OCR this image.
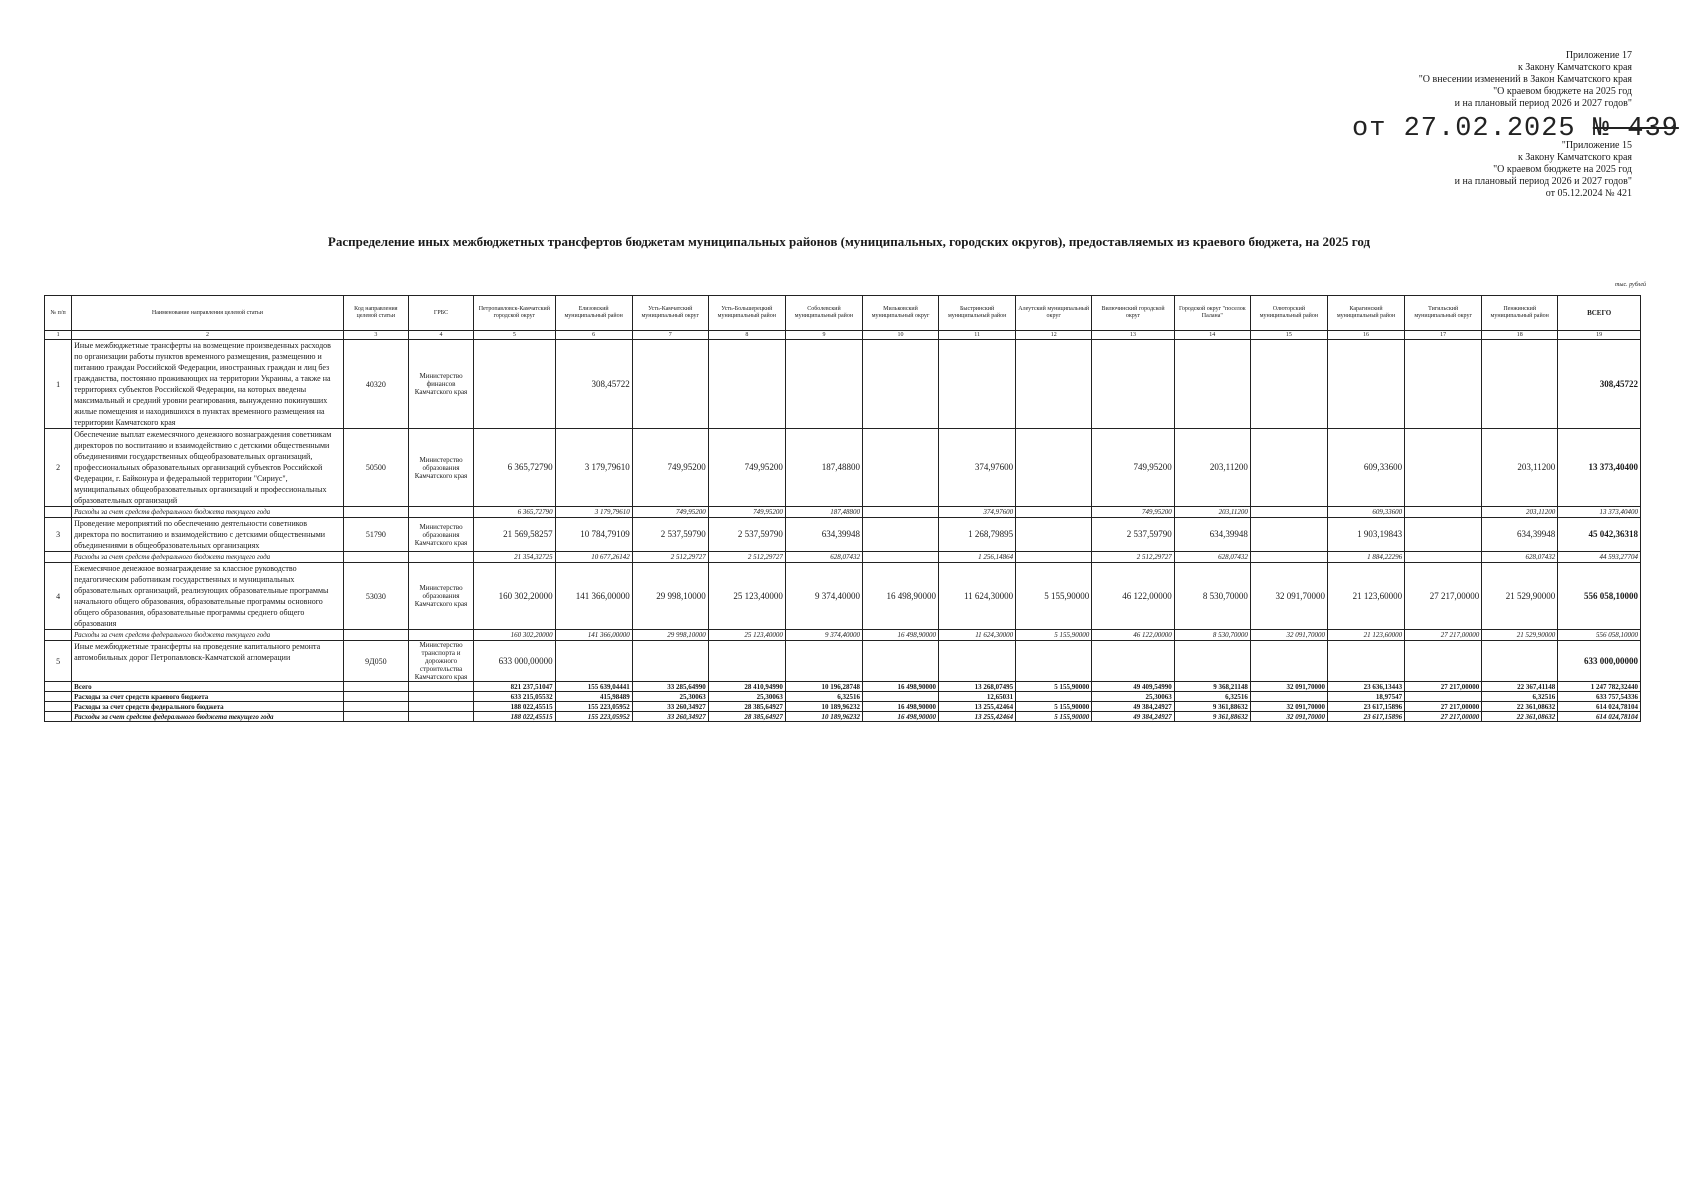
Приложение 17
к Закону Камчатского края
"О внесении изменений в Закон Камчатского края
"О краевом бюджете на 2025 год
и на плановый период 2026 и 2027 годов"
от 27.02.2025 № 439
"Приложение 15
к Закону Камчатского края
"О краевом бюджете на 2025 год
и на плановый период 2026 и 2027 годов"
от 05.12.2024 № 421
Распределение иных межбюджетных трансфертов бюджетам муниципальных районов (муниципальных, городских округов), предоставляемых из краевого бюджета, на 2025 год
тыс. рублей
№ п/п	Наименование направления целевой статьи	Код направления целевой статьи	ГРБС	Петропавловск-Камчатский городской округ	Елизовский муниципальный район	Усть-Камчатский муниципальный округ	Усть-Большерецкий муниципальный район	Соболевский муниципальный район	Мильковский муниципальный округ	Быстринский муниципальный район	Алеутский муниципальный округ	Вилючинский городской округ	Городской округ "поселок Палана"	Олюторский муниципальный район	Карагинский муниципальный район	Тигильский муниципальный округ	Пенжинский муниципальный район	ВСЕГО
1	2	3	4	5	6	7	8	9	10	11	12	13	14	15	16	17	18	19
1	Иные межбюджетные трансферты на возмещение произведенных расходов по организации работы пунктов временного размещения, размещению и питанию граждан Российской Федерации, иностранных граждан и лиц без гражданства, постоянно проживающих на территории Украины, а также на территориях субъектов Российской Федерации, на которых введены максимальный и средний уровни реагирования, вынужденно покинувших жилые помещения и находившихся в пунктах временного размещения на территории Камчатского края	40320	Министерство финансов Камчатского края		308,45722													308,45722
2	Обеспечение выплат ежемесячного денежного вознаграждения советникам директоров по воспитанию и взаимодействию с детскими общественными объединениями государственных общеобразовательных организаций, профессиональных образовательных организаций субъектов Российской Федерации, г. Байконура и федеральной территории "Сириус", муниципальных общеобразовательных организаций и профессиональных образовательных организаций	50500	Министерство образования Камчатского края	6 365,72790	3 179,79610	749,95200	749,95200	187,48800		374,97600		749,95200	203,11200		609,33600		203,11200	13 373,40400
	Расходы за счет средств федерального бюджета текущего года			6 365,72790	3 179,79610	749,95200	749,95200	187,48800		374,97600		749,95200	203,11200		609,33600		203,11200	13 373,40400
3	Проведение мероприятий по обеспечению деятельности советников директора по воспитанию и взаимодействию с детскими общественными объединениями в общеобразовательных организациях	51790	Министерство образования Камчатского края	21 569,58257	10 784,79109	2 537,59790	2 537,59790	634,39948		1 268,79895		2 537,59790	634,39948		1 903,19843		634,39948	45 042,36318
	Расходы за счет средств федерального бюджета текущего года			21 354,32725	10 677,26142	2 512,29727	2 512,29727	628,07432		1 256,14864		2 512,29727	628,07432		1 884,22296		628,07432	44 593,27704
4	Ежемесячное денежное вознаграждение за классное руководство педагогическим работникам государственных и муниципальных образовательных организаций, реализующих образовательные программы начального общего образования, образовательные программы основного общего образования, образовательные программы среднего общего образования	53030	Министерство образования Камчатского края	160 302,20000	141 366,00000	29 998,10000	25 123,40000	9 374,40000	16 498,90000	11 624,30000	5 155,90000	46 122,00000	8 530,70000	32 091,70000	21 123,60000	27 217,00000	21 529,90000	556 058,10000
	Расходы за счет средств федерального бюджета текущего года			160 302,20000	141 366,00000	29 998,10000	25 123,40000	9 374,40000	16 498,90000	11 624,30000	5 155,90000	46 122,00000	8 530,70000	32 091,70000	21 123,60000	27 217,00000	21 529,90000	556 058,10000
5	Иные межбюджетные трансферты на проведение капитального ремонта автомобильных дорог Петропавловск-Камчатской агломерации	9Д050	Министерство транспорта и дорожного строительства Камчатского края	633 000,00000														633 000,00000
	Всего			821 237,51047	155 639,04441	33 285,64990	28 410,94990	10 196,28748	16 498,90000	13 268,07495	5 155,90000	49 409,54990	9 368,21148	32 091,70000	23 636,13443	27 217,00000	22 367,41148	1 247 782,32440
	Расходы за счет средств краевого бюджета			633 215,05532	415,98489	25,30063	25,30063	6,32516		12,65031		25,30063	6,32516		18,97547		6,32516	633 757,54336
	Расходы за счет средств федерального бюджета			188 022,45515	155 223,05952	33 260,34927	28 385,64927	10 189,96232	16 498,90000	13 255,42464	5 155,90000	49 384,24927	9 361,88632	32 091,70000	23 617,15896	27 217,00000	22 361,08632	614 024,78104
	Расходы за счет средств федерального бюджета текущего года			188 022,45515	155 223,05952	33 260,34927	28 385,64927	10 189,96232	16 498,90000	13 255,42464	5 155,90000	49 384,24927	9 361,88632	32 091,70000	23 617,15896	27 217,00000	22 361,08632	614 024,78104
